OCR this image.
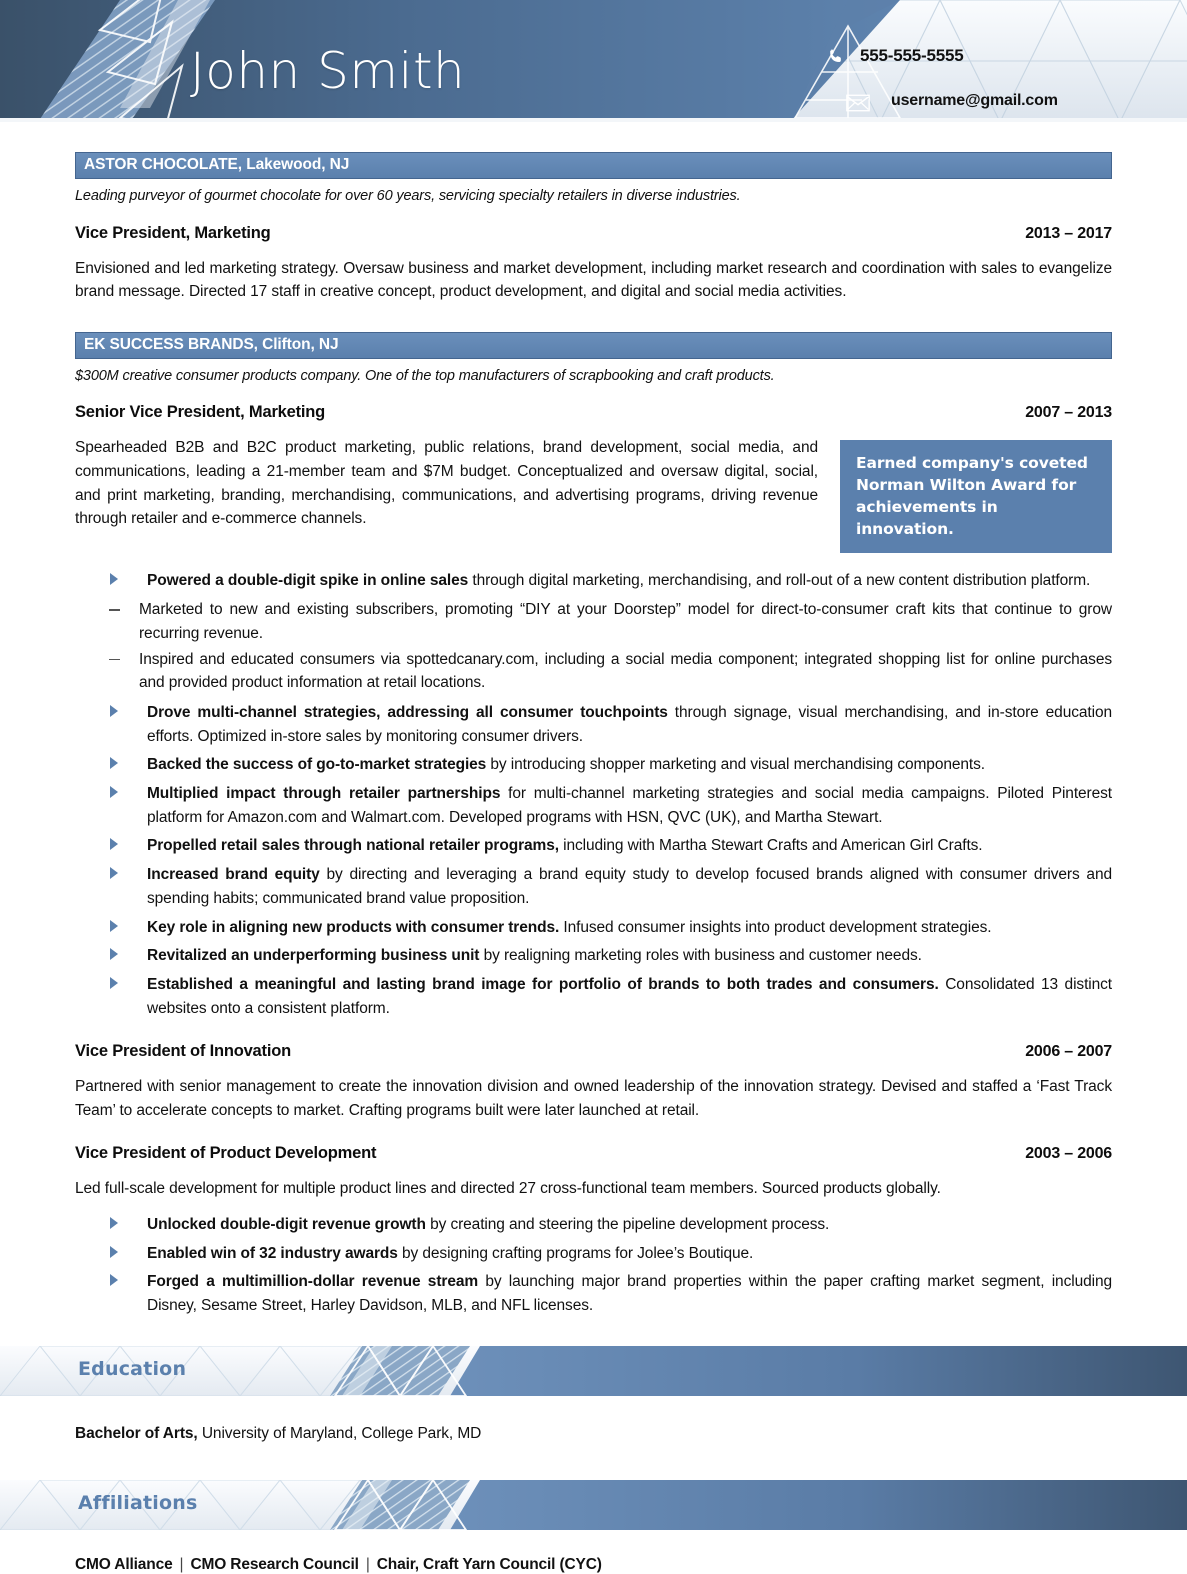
John Smith	555-555-5555
username@gmail.com
ASTOR CHOCOLATE, Lakewood, NJ
Leading purveyor of gourmet chocolate for over 60 years, servicing specialty retailers in diverse industries.
Vice President, Marketing	2013 – 2017
Envisioned and led marketing strategy. Oversaw business and market development, including market research and coordination with sales to evangelize brand message. Directed 17 staff in creative concept, product development, and digital and social media activities.
EK SUCCESS BRANDS, Clifton, NJ
$300M creative consumer products company. One of the top manufacturers of scrapbooking and craft products.
Senior Vice President, Marketing	2007 – 2013
Earned company's coveted Norman Wilton Award for achievements in innovation.
Spearheaded B2B and B2C product marketing, public relations, brand development, social media, and communications, leading a 21-member team and $7M budget. Conceptualized and oversaw digital, social, and print marketing, branding, merchandising, communications, and advertising programs, driving revenue through retailer and e-commerce channels.
Powered a double-digit spike in online sales through digital marketing, merchandising, and roll-out of a new content distribution platform.
Marketed to new and existing subscribers, promoting “DIY at your Doorstep” model for direct-to-consumer craft kits that continue to grow recurring revenue.
Inspired and educated consumers via spottedcanary.com, including a social media component; integrated shopping list for online purchases and provided product information at retail locations.
Drove multi-channel strategies, addressing all consumer touchpoints through signage, visual merchandising, and in-store education efforts. Optimized in-store sales by monitoring consumer drivers.
Backed the success of go-to-market strategies by introducing shopper marketing and visual merchandising components.
Multiplied impact through retailer partnerships for multi-channel marketing strategies and social media campaigns. Piloted Pinterest platform for Amazon.com and Walmart.com. Developed programs with HSN, QVC (UK), and Martha Stewart.
Propelled retail sales through national retailer programs, including with Martha Stewart Crafts and American Girl Crafts.
Increased brand equity by directing and leveraging a brand equity study to develop focused brands aligned with consumer drivers and spending habits; communicated brand value proposition.
Key role in aligning new products with consumer trends. Infused consumer insights into product development strategies.
Revitalized an underperforming business unit by realigning marketing roles with business and customer needs.
Established a meaningful and lasting brand image for portfolio of brands to both trades and consumers. Consolidated 13 distinct websites onto a consistent platform.
Vice President of Innovation	2006 – 2007
Partnered with senior management to create the innovation division and owned leadership of the innovation strategy. Devised and staffed a ‘Fast Track Team’ to accelerate concepts to market. Crafting programs built were later launched at retail.
Vice President of Product Development	2003 – 2006
Led full-scale development for multiple product lines and directed 27 cross-functional team members. Sourced products globally.
Unlocked double-digit revenue growth by creating and steering the pipeline development process.
Enabled win of 32 industry awards by designing crafting programs for Jolee’s Boutique.
Forged a multimillion-dollar revenue stream by launching major brand properties within the paper crafting market segment, including Disney, Sesame Street, Harley Davidson, MLB, and NFL licenses.
Education
Bachelor of Arts, University of Maryland, College Park, MD
Affiliations
CMO Alliance | CMO Research Council | Chair, Craft Yarn Council (CYC)
